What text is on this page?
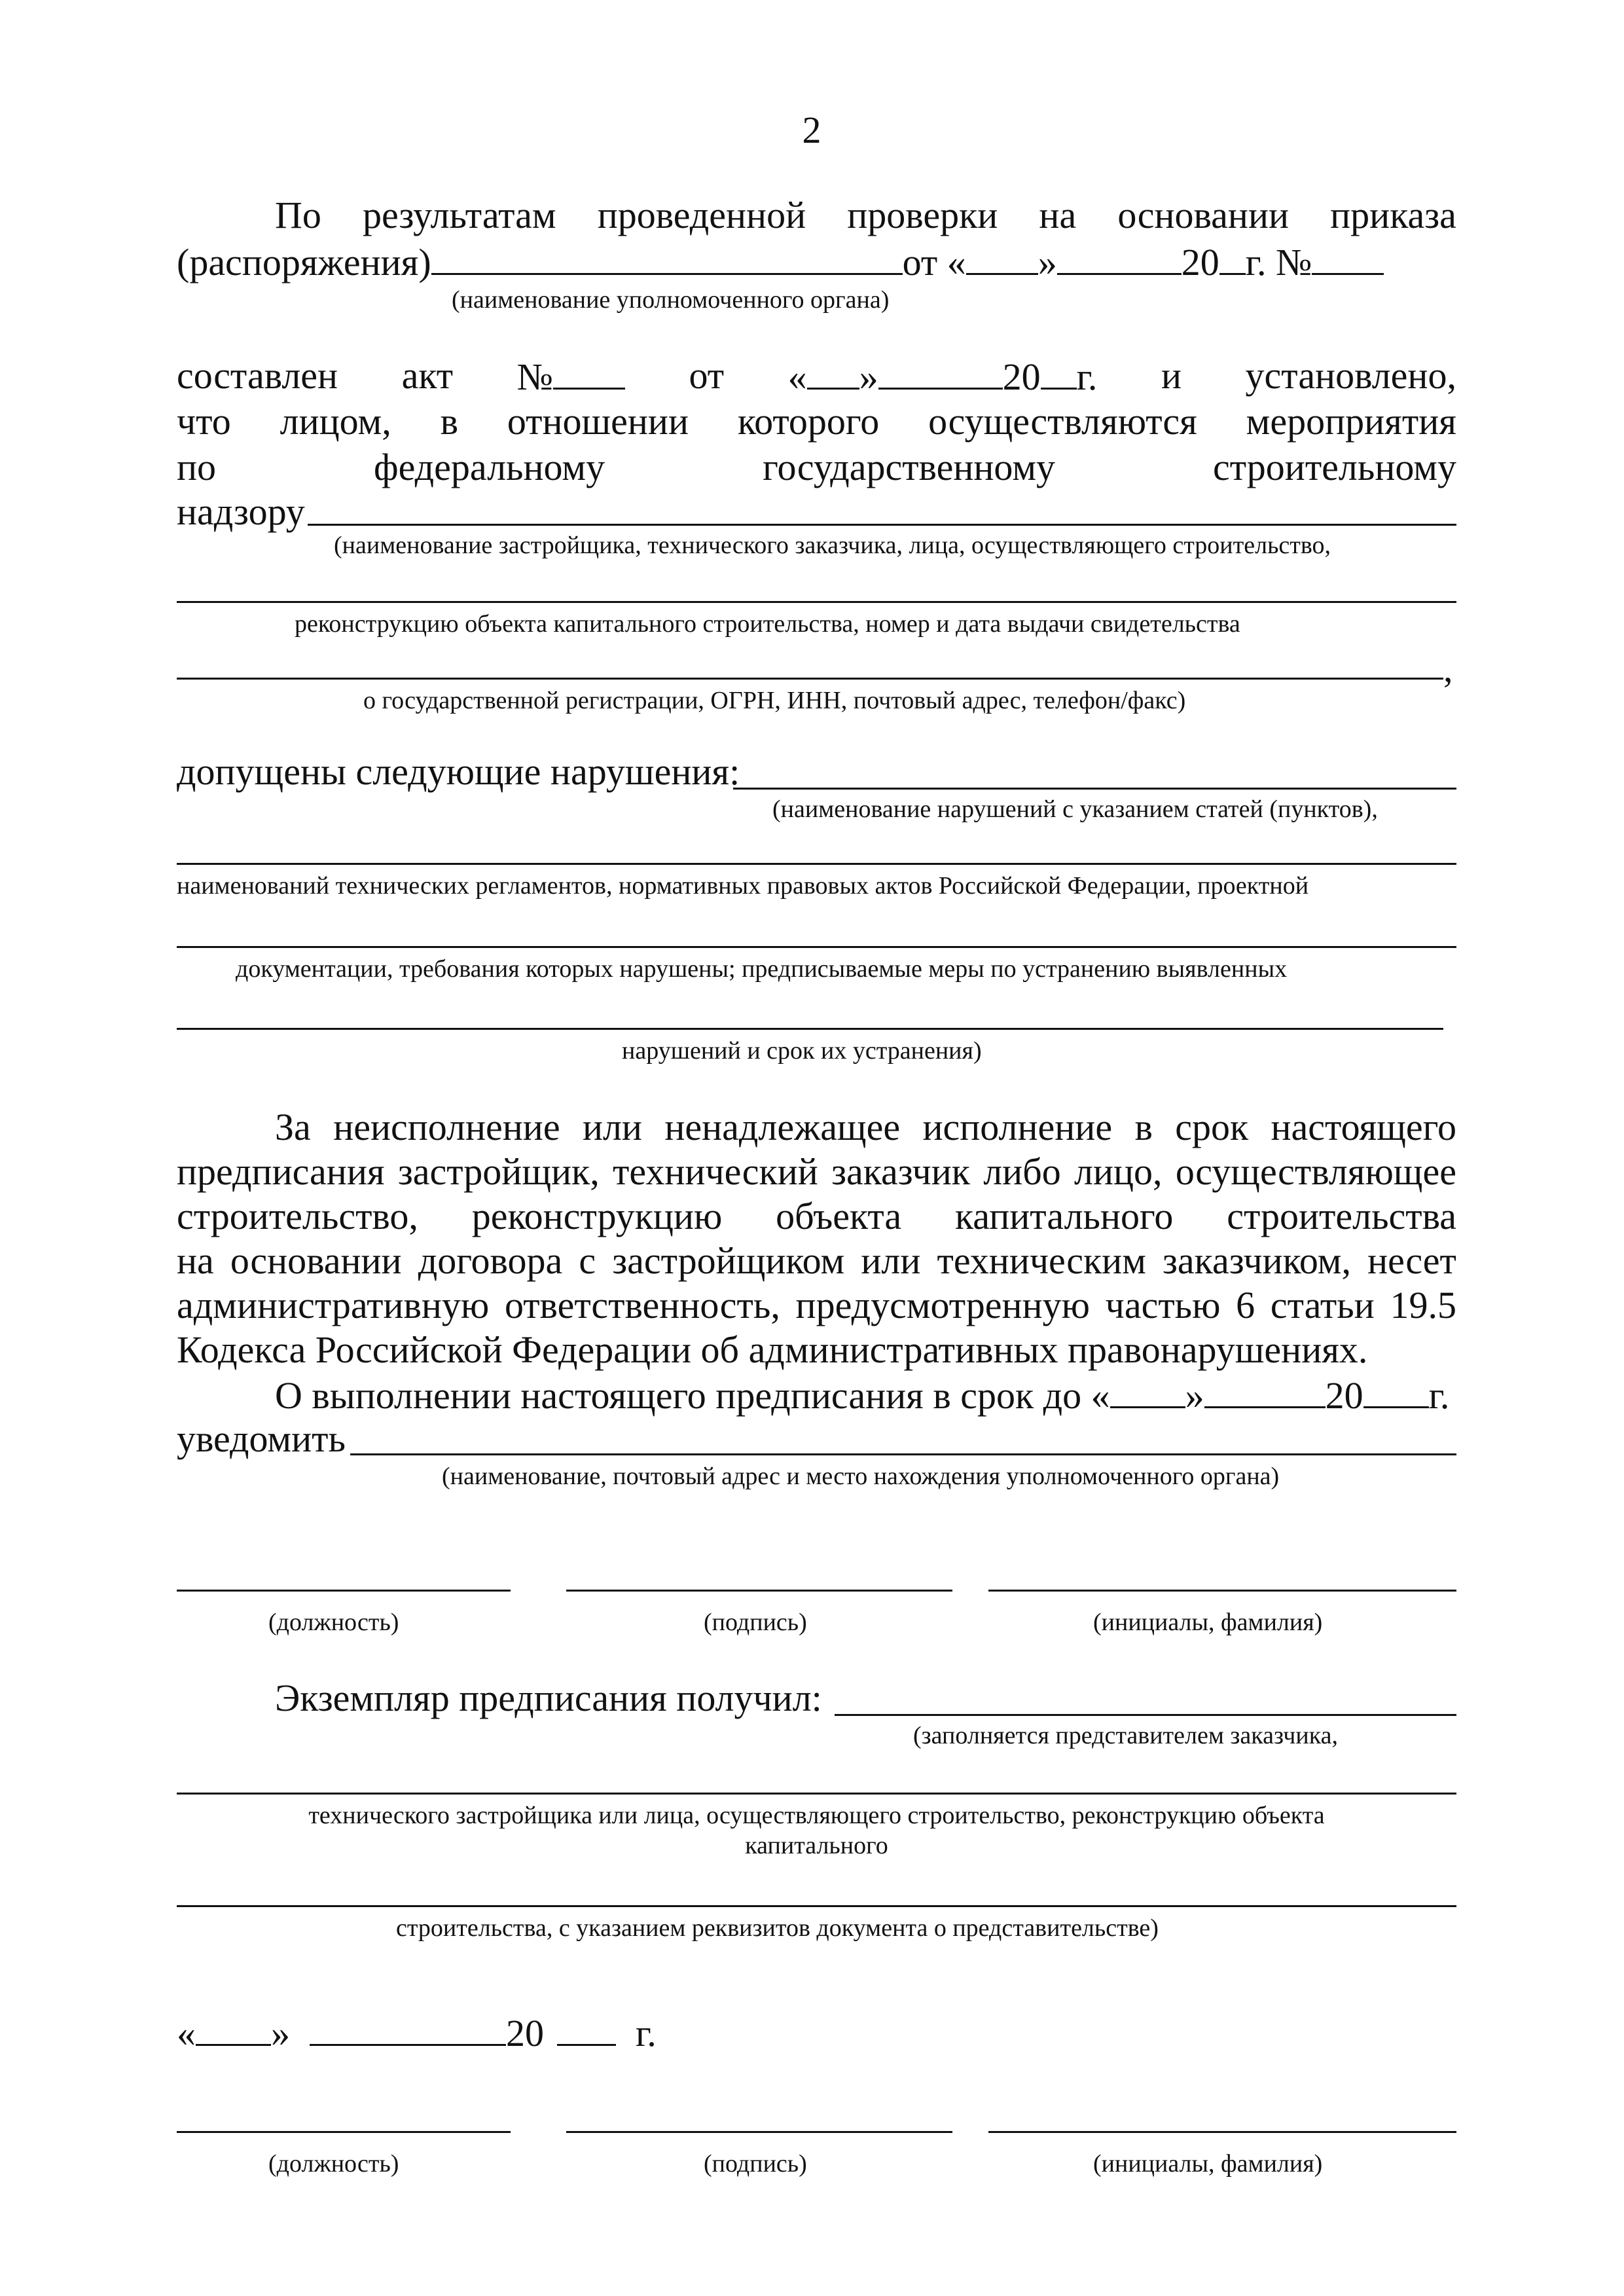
2
По результатам проведенной проверки на основании приказа
(распоряжения)	от « »	20 г. №
(наименование уполномоченного органа)
составлен акт №	от « »	20 г. и установлено,
что лицом, в отношении которого осуществляются мероприятия
по	федеральному	государственному	строительному
надзору
(наименование застройщика, технического заказчика, лица, осуществляющего строительство,
реконструкцию объекта капитального строительства, номер и дата выдачи свидетельства
,
о государственной регистрации, ОГРН, ИНН, почтовый адрес, телефон/факс)
допущены следующие нарушения:
(наименование нарушений с указанием статей (пунктов),
наименований технических регламентов, нормативных правовых актов Российской Федерации, проектной
документации, требования которых нарушены; предписываемые меры по устранению выявленных
нарушений и срок их устранения)
За неисполнение или ненадлежащее исполнение в срок настоящего
предписания застройщик, технический заказчик либо лицо, осуществляющее
строительство, реконструкцию объекта капитального строительства
на основании договора с застройщиком или техническим заказчиком, несет
административную ответственность, предусмотренную частью 6 статьи 19.5
Кодекса Российской Федерации об административных правонарушениях.
О выполнении настоящего предписания в срок до « »	20 г.
уведомить
(наименование, почтовый адрес и место нахождения уполномоченного органа)
(должность)	(подпись)	(инициалы, фамилия)
Экземпляр предписания получил:
(заполняется представителем заказчика,
технического застройщика или лица, осуществляющего строительство, реконструкцию объекта
капитального
строительства, с указанием реквизитов документа о представительстве)
« »	20 г.
(должность)	(подпись)	(инициалы, фамилия)
